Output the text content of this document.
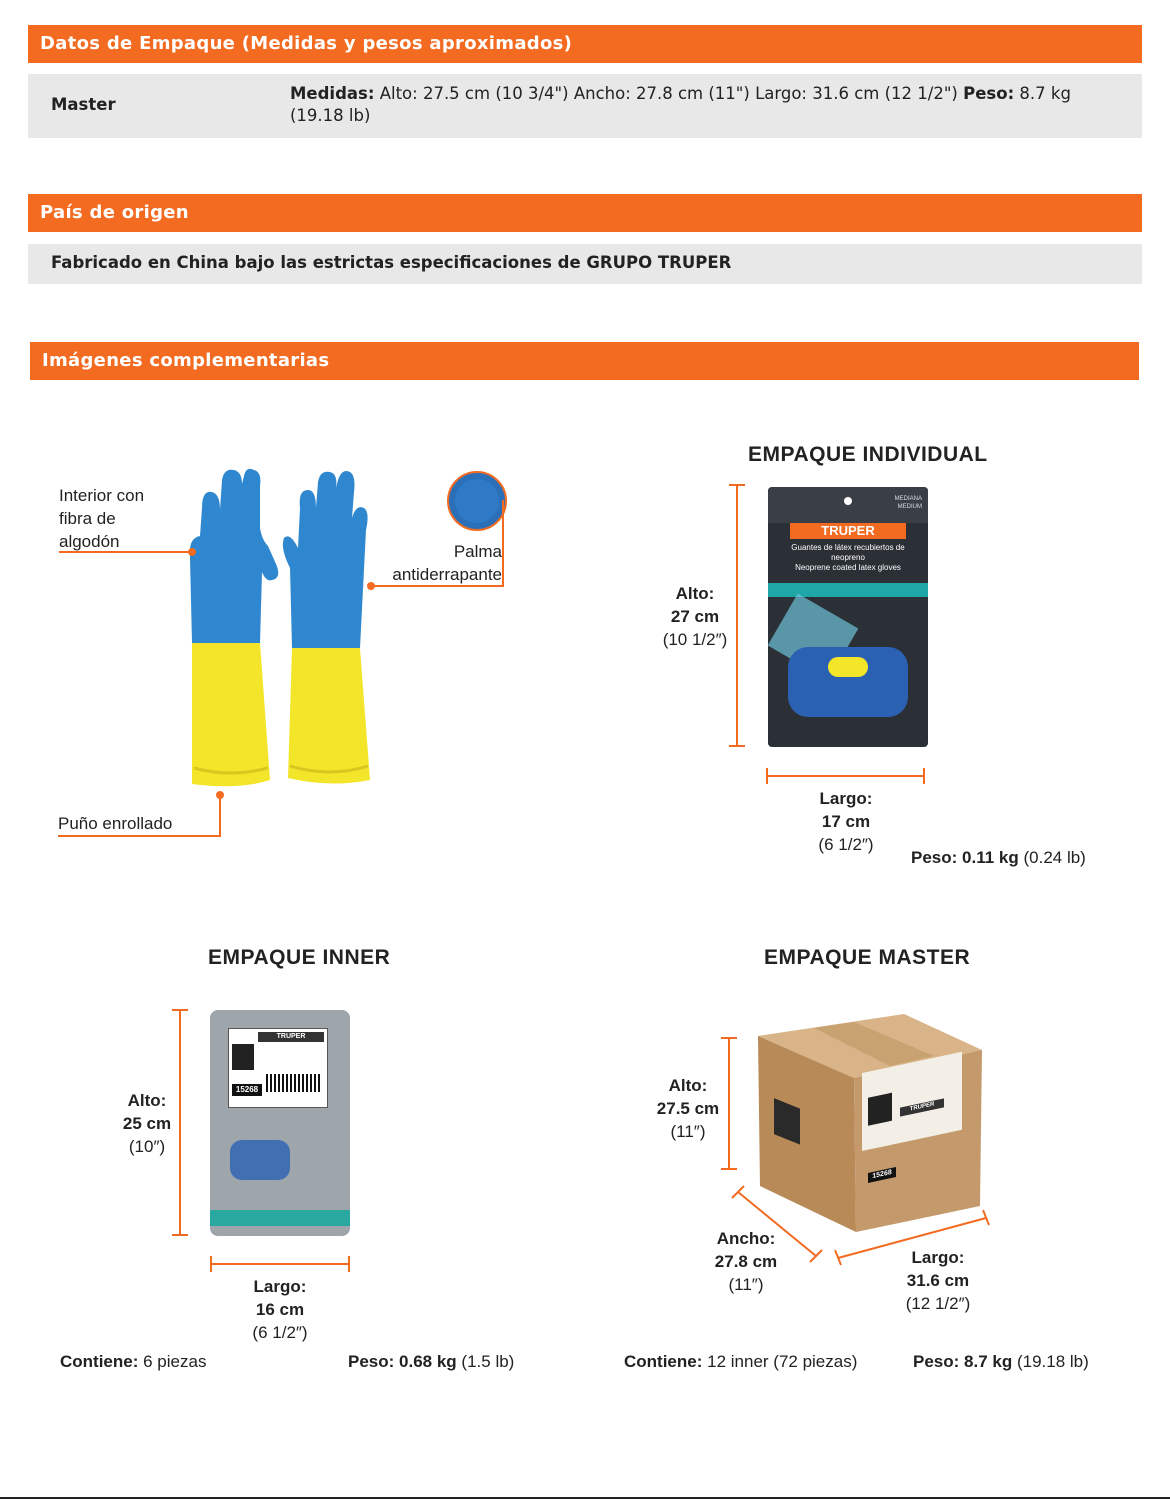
Datos de Empaque (Medidas y pesos aproximados)
Master
Medidas: Alto: 27.5 cm (10 3/4") Ancho: 27.8 cm (11") Largo: 31.6 cm (12 1/2") Peso: 8.7 kg (19.18 lb)
País de origen
Fabricado en China bajo las estrictas especificaciones de GRUPO TRUPER
Imágenes complementarias
Interior con
fibra de
algodón
Palma
antiderrapante
Puño enrollado
EMPAQUE INDIVIDUAL
Alto:
27 cm
(10 1/2″)
MEDIANA
MEDIUM
TRUPER
Guantes de látex recubiertos de neopreno
Neoprene coated latex gloves
Largo:
17 cm
(6 1/2″)
Peso: 0.11 kg (0.24 lb)
EMPAQUE INNER
Alto:
25 cm
(10″)
TRUPER
15268
Largo:
16 cm
(6 1/2″)
Contiene: 6 piezas	Peso: 0.68 kg (1.5 lb)
EMPAQUE MASTER
Alto:
27.5 cm
(11″)
TRUPER
15268
Ancho:
27.8 cm
(11″)
Largo:
31.6 cm
(12 1/2″)
Contiene: 12 inner (72 piezas)	Peso: 8.7 kg (19.18 lb)
